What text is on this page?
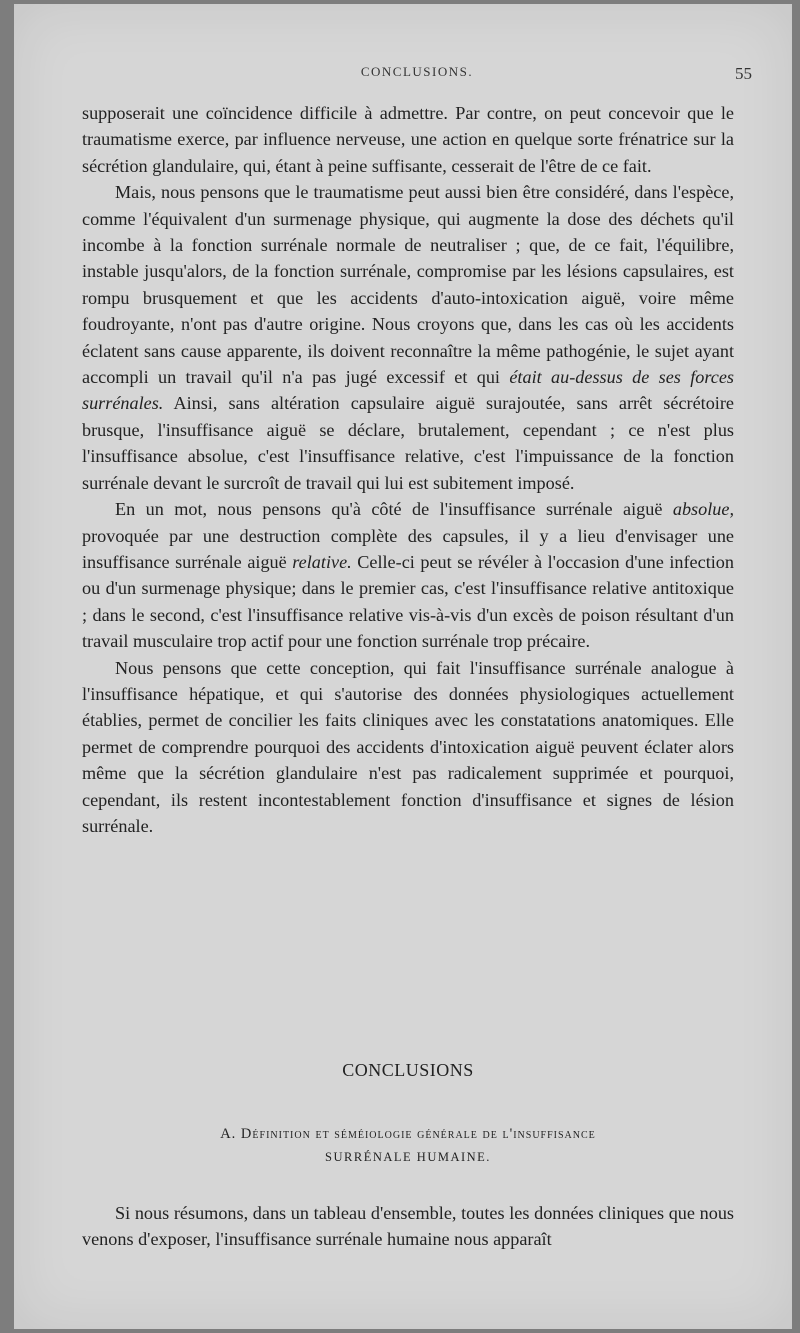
CONCLUSIONS.	55

supposerait une coïncidence difficile à admettre. Par contre, on peut concevoir que le traumatisme exerce, par influence nerveuse, une action en quelque sorte frénatrice sur la sécrétion glandulaire, qui, étant à peine suffisante, cesserait de l'être de ce fait.

Mais, nous pensons que le traumatisme peut aussi bien être considéré, dans l'espèce, comme l'équivalent d'un surmenage physique, qui augmente la dose des déchets qu'il incombe à la fonction surrénale normale de neutraliser ; que, de ce fait, l'équilibre, instable jusqu'alors, de la fonction surrénale, compromise par les lésions capsulaires, est rompu brusquement et que les accidents d'auto-intoxication aiguë, voire même foudroyante, n'ont pas d'autre origine. Nous croyons que, dans les cas où les accidents éclatent sans cause apparente, ils doivent reconnaître la même pathogénie, le sujet ayant accompli un travail qu'il n'a pas jugé excessif et qui était au-dessus de ses forces surrénales. Ainsi, sans altération capsulaire aiguë surajoutée, sans arrêt sécrétoire brusque, l'insuffisance aiguë se déclare, brutalement, cependant ; ce n'est plus l'insuffisance absolue, c'est l'insuffisance relative, c'est l'impuissance de la fonction surrénale devant le surcroît de travail qui lui est subitement imposé.

En un mot, nous pensons qu'à côté de l'insuffisance surrénale aiguë absolue, provoquée par une destruction complète des capsules, il y a lieu d'envisager une insuffisance surrénale aiguë relative. Celle-ci peut se révéler à l'occasion d'une infection ou d'un surmenage physique; dans le premier cas, c'est l'insuffisance relative antitoxique ; dans le second, c'est l'insuffisance relative vis-à-vis d'un excès de poison résultant d'un travail musculaire trop actif pour une fonction surrénale trop précaire.

Nous pensons que cette conception, qui fait l'insuffisance surrénale analogue à l'insuffisance hépatique, et qui s'autorise des données physiologiques actuellement établies, permet de concilier les faits cliniques avec les constatations anatomiques. Elle permet de comprendre pourquoi des accidents d'intoxication aiguë peuvent éclater alors même que la sécrétion glandulaire n'est pas radicalement supprimée et pourquoi, cependant, ils restent incontestablement fonction d'insuffisance et signes de lésion surrénale.

CONCLUSIONS
A. Définition et séméiologie générale de l'insuffisance
SURRÉNALE HUMAINE.

Si nous résumons, dans un tableau d'ensemble, toutes les données cliniques que nous venons d'exposer, l'insuffisance surrénale humaine nous apparaît
